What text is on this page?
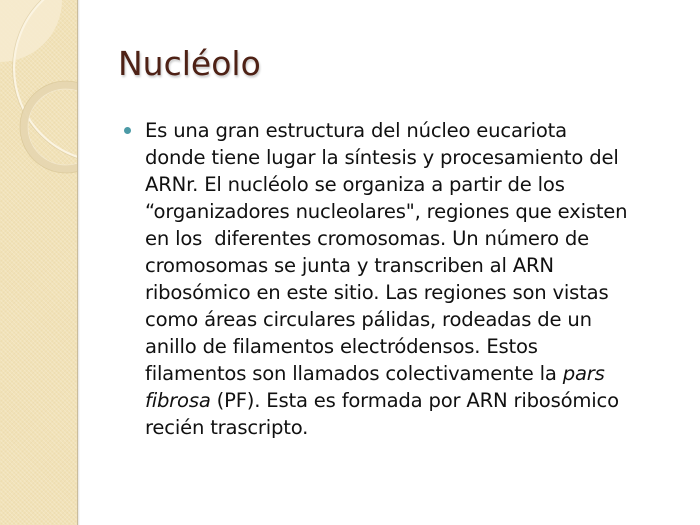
Nucléolo

Es una gran estructura del núcleo eucariota
donde tiene lugar la síntesis y procesamiento del
ARNr. El nucléolo se organiza a partir de los
“organizadores nucleolares", regiones que existen
en los  diferentes cromosomas. Un número de
cromosomas se junta y transcriben al ARN
ribosómico en este sitio. Las regiones son vistas
como áreas circulares pálidas, rodeadas de un
anillo de filamentos electródensos. Estos
filamentos son llamados colectivamente la pars
fibrosa (PF). Esta es formada por ARN ribosómico
recién trascripto.
